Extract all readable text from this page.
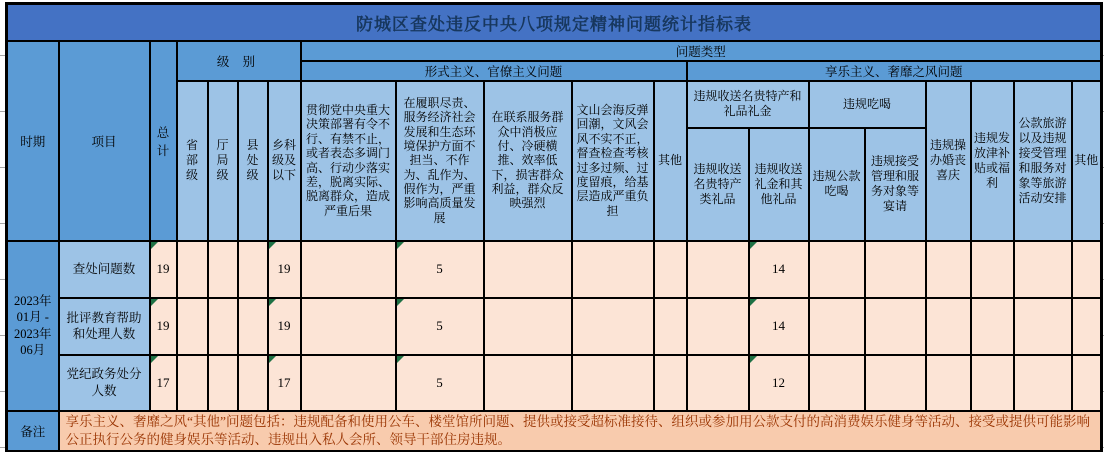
防城区查处违反中央八项规定精神问题统计指标表																			
时期	项目	总计	级 别				问题类型												
							形式主义、官僚主义问题					享乐主义、奢靡之风问题							
			省部级	厅局级	县处级	乡科级及以下	贯彻党中央重大决策部署有令不行、有禁不止，或者表态多调门高、行动少落实差，脱离实际、脱离群众，造成严重后果	在履职尽责、服务经济社会发展和生态环境保护方面不担当、不作为、乱作为、假作为，严重影响高质量发展	在联系服务群众中消极应付、冷硬横推、效率低下，损害群众利益，群众反映强烈	文山会海反弹回潮，文风会风不实不正，督查检查考核过多过频、过度留痕，给基层造成严重负担	其他	违规收送名贵特产和礼品礼金		违规吃喝		违规操办婚丧喜庆	违规发放津补贴或福利	公款旅游以及违规接受管理和服务对象等旅游活动安排	其他
												违规收送名贵特产类礼品	违规收送礼金和其他礼品	违规公款吃喝	违规接受管理和服务对象等宴请				
2023年01月 - 2023年06月	查处问题数	19				19		5					14

	批评教育帮助和处理人数	19				19		5					14

	党纪政务处分人数	17				17		5					12

备注	享乐主义、奢靡之风“其他”问题包括：违规配备和使用公车、楼堂馆所问题、提供或接受超标准接待、组织或参加用公款支付的高消费娱乐健身等活动、接受或提供可能影响公正执行公务的健身娱乐等活动、违规出入私人会所、领导干部住房违规。																		
